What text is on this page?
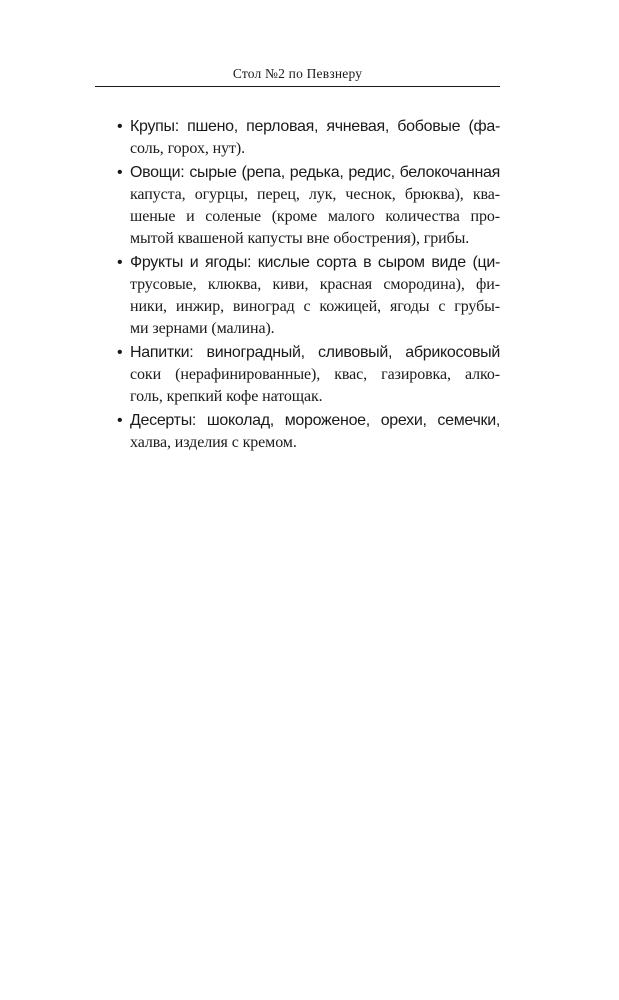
Стол №2 по Певзнеру
• Крупы: пшено, перловая, ячневая, бобовые (фа-
соль, горох, нут).
• Овощи: сырые (репа, редька, редис, белокочанная
капуста, огурцы, перец, лук, чеснок, брюква), ква-
шеные и соленые (кроме малого количества про-
мытой квашеной капусты вне обострения), грибы.
• Фрукты и ягоды: кислые сорта в сыром виде (ци-
трусовые, клюква, киви, красная смородина), фи-
ники, инжир, виноград с кожицей, ягоды с грубы-
ми зернами (малина).
• Напитки: виноградный, сливовый, абрикосовый
соки (нерафинированные), квас, газировка, алко-
голь, крепкий кофе натощак.
• Десерты: шоколад, мороженое, орехи, семечки,
халва, изделия с кремом.
